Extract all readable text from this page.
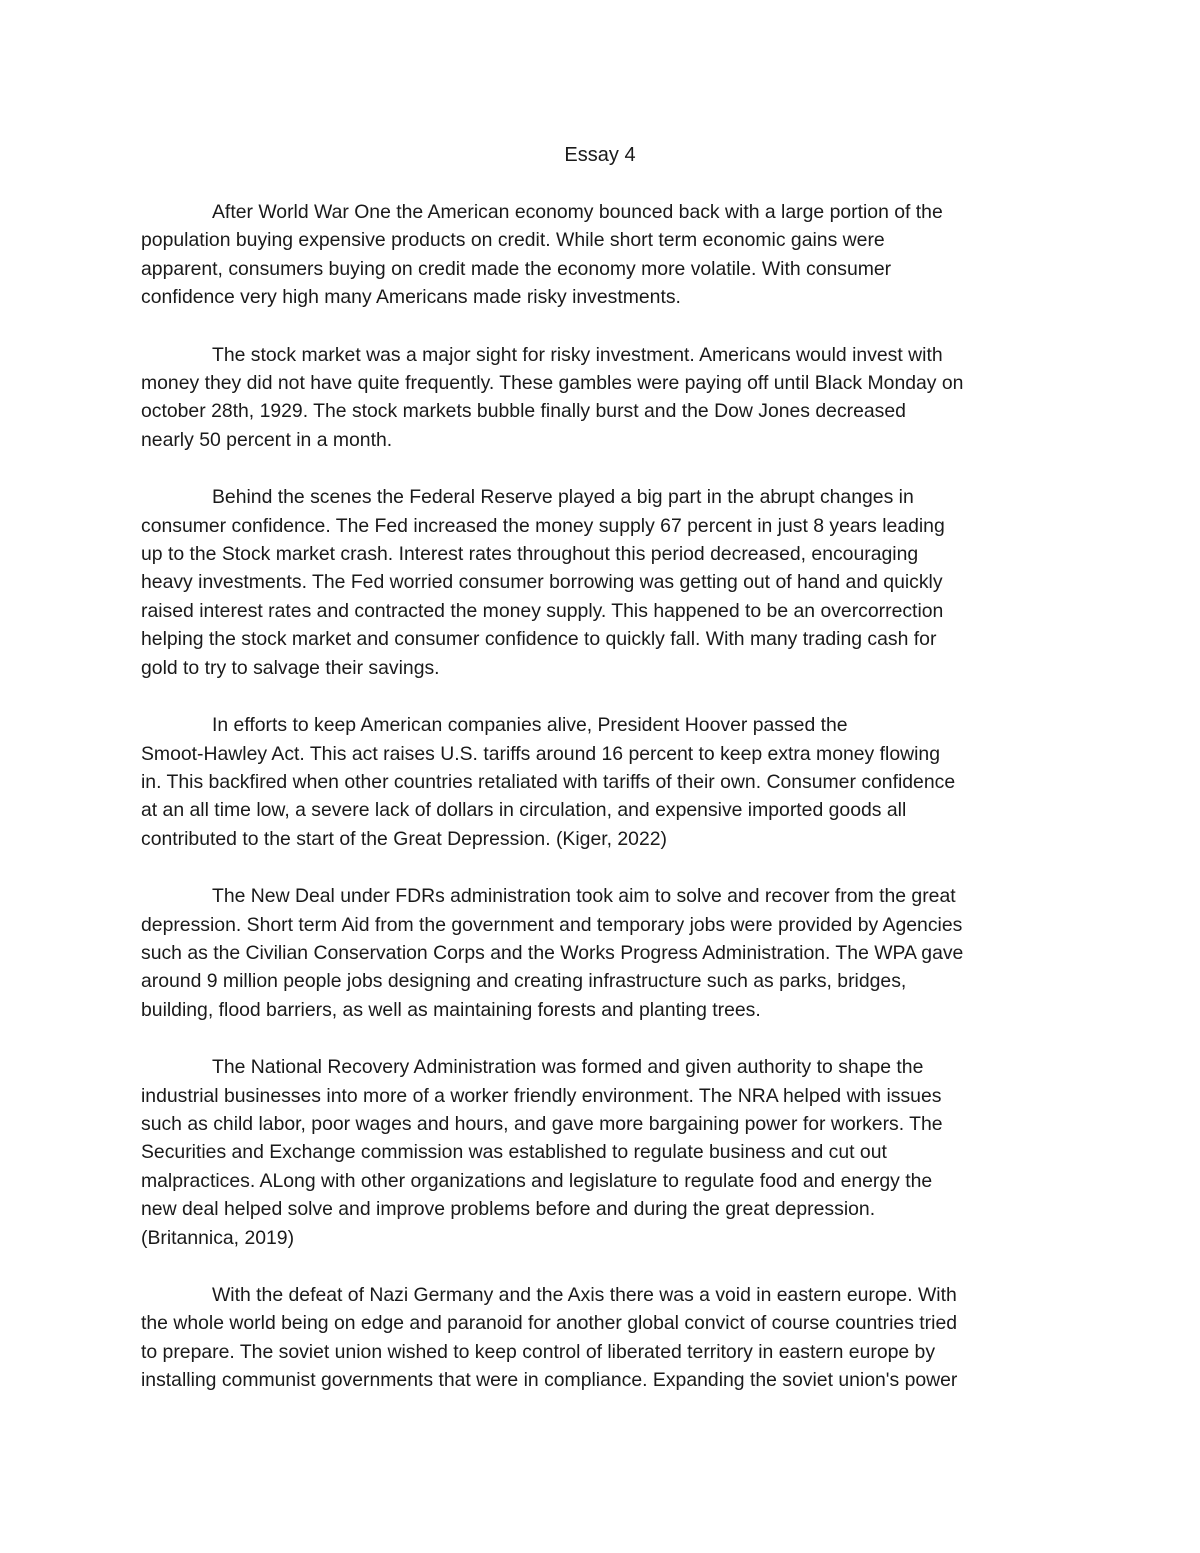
Essay 4
After World War One the American economy bounced back with a large portion of the
population buying expensive products on credit. While short term economic gains were
apparent, consumers buying on credit made the economy more volatile. With consumer
confidence very high many Americans made risky investments.
The stock market was a major sight for risky investment. Americans would invest with
money they did not have quite frequently. These gambles were paying off until Black Monday on
october 28th, 1929. The stock markets bubble finally burst and the Dow Jones decreased
nearly 50 percent in a month.
Behind the scenes the Federal Reserve played a big part in the abrupt changes in
consumer confidence. The Fed increased the money supply 67 percent in just 8 years leading
up to the Stock market crash. Interest rates throughout this period decreased, encouraging
heavy investments. The Fed worried consumer borrowing was getting out of hand and quickly
raised interest rates and contracted the money supply. This happened to be an overcorrection
helping the stock market and consumer confidence to quickly fall. With many trading cash for
gold to try to salvage their savings.
In efforts to keep American companies alive, President Hoover passed the
Smoot-Hawley Act. This act raises U.S. tariffs around 16 percent to keep extra money flowing
in. This backfired when other countries retaliated with tariffs of their own. Consumer confidence
at an all time low, a severe lack of dollars in circulation, and expensive imported goods all
contributed to the start of the Great Depression. (Kiger, 2022)
The New Deal under FDRs administration took aim to solve and recover from the great
depression. Short term Aid from the government and temporary jobs were provided by Agencies
such as the Civilian Conservation Corps and the Works Progress Administration. The WPA gave
around 9 million people jobs designing and creating infrastructure such as parks, bridges,
building, flood barriers, as well as maintaining forests and planting trees.
The National Recovery Administration was formed and given authority to shape the
industrial businesses into more of a worker friendly environment. The NRA helped with issues
such as child labor, poor wages and hours, and gave more bargaining power for workers. The
Securities and Exchange commission was established to regulate business and cut out
malpractices. ALong with other organizations and legislature to regulate food and energy the
new deal helped solve and improve problems before and during the great depression.
(Britannica, 2019)
With the defeat of Nazi Germany and the Axis there was a void in eastern europe. With
the whole world being on edge and paranoid for another global convict of course countries tried
to prepare. The soviet union wished to keep control of liberated territory in eastern europe by
installing communist governments that were in compliance. Expanding the soviet union's power
